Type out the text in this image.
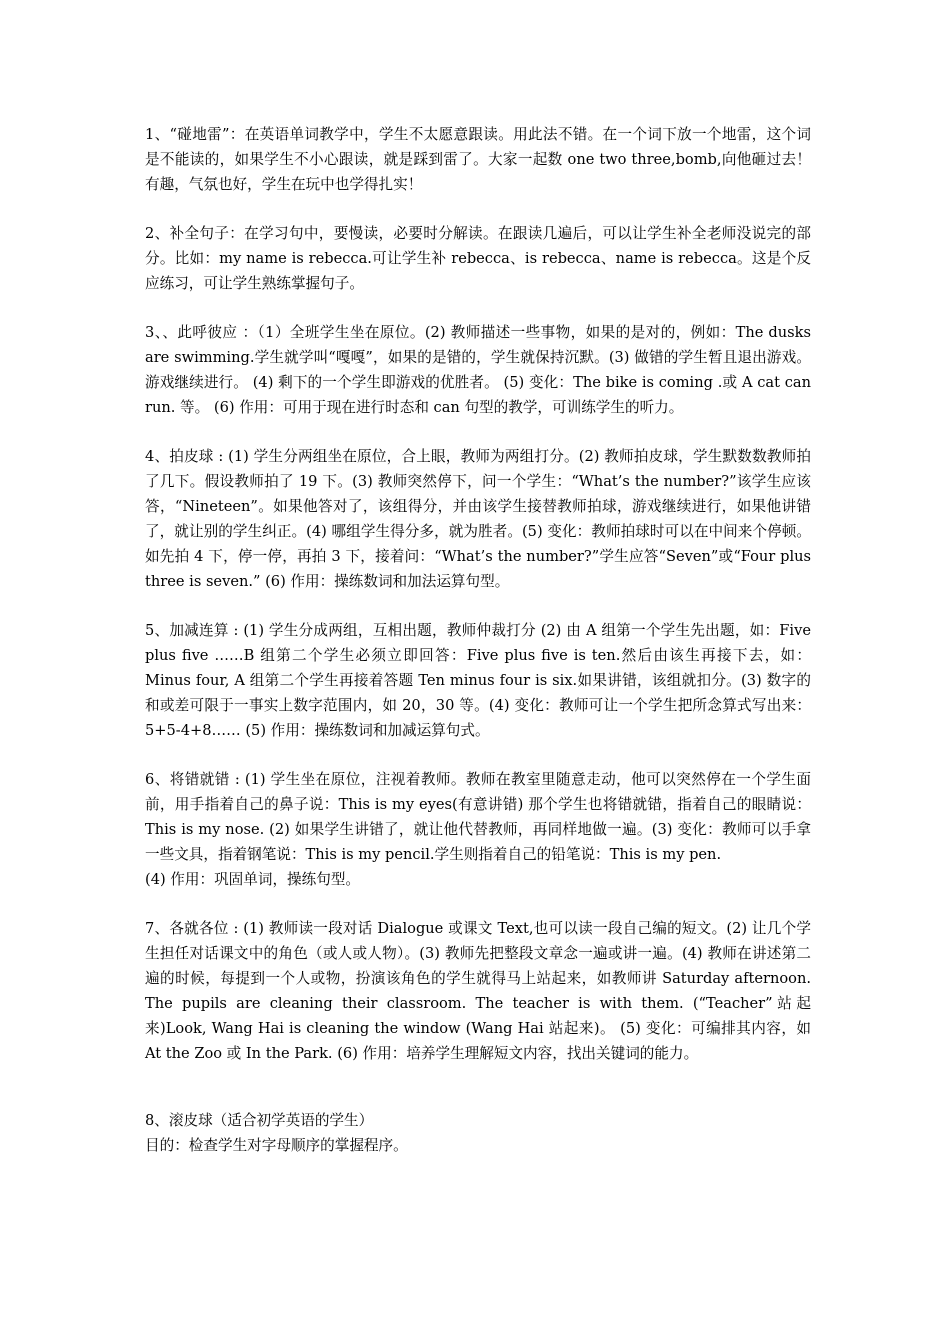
1、“碰地雷”：在英语单词教学中，学生不太愿意跟读。用此法不错。在一个词下放一个地雷，这个词是不能读的，如果学生不小心跟读，就是踩到雷了。大家一起数 one two three,bomb,向他砸过去！有趣，气氛也好，学生在玩中也学得扎实！

2、补全句子：在学习句中，要慢读，必要时分解读。在跟读几遍后，可以让学生补全老师没说完的部分。比如：my name is rebecca.可让学生补 rebecca、is rebecca、name is rebecca。这是个反应练习，可让学生熟练掌握句子。

3、、此呼彼应 ：（1）全班学生坐在原位。(2) 教师描述一些事物，如果的是对的，例如：The dusks are swimming.学生就学叫“嘎嘎”，如果的是错的，学生就保持沉默。(3) 做错的学生暂且退出游戏。游戏继续进行。 (4) 剩下的一个学生即游戏的优胜者。 (5) 变化：The bike is coming .或 A cat can run. 等。 (6) 作用：可用于现在进行时态和 can 句型的教学，可训练学生的听力。

4、拍皮球 : (1) 学生分两组坐在原位，合上眼，教师为两组打分。(2) 教师拍皮球，学生默数数教师拍了几下。假设教师拍了 19 下。(3) 教师突然停下，问一个学生：“What’s the number?”该学生应该答，“Nineteen”。如果他答对了，该组得分，并由该学生接替教师拍球，游戏继续进行，如果他讲错了，就让别的学生纠正。(4) 哪组学生得分多，就为胜者。(5) 变化：教师拍球时可以在中间来个停顿。如先拍 4 下，停一停，再拍 3 下，接着问：“What’s the number?”学生应答“Seven”或“Four plus three is seven.” (6) 作用：操练数词和加法运算句型。

5、加减连算 : (1) 学生分成两组，互相出题，教师仲裁打分 (2) 由 A 组第一个学生先出题，如：Five plus five ……B 组第二个学生必须立即回答：Five plus five is ten.然后由该生再接下去，如：Minus four, A 组第二个学生再接着答题 Ten minus four is six.如果讲错，该组就扣分。(3) 数字的和或差可限于一事实上数字范围内，如 20，30 等。(4) 变化：教师可让一个学生把所念算式写出来：5+5-4+8…… (5) 作用：操练数词和加减运算句式。

6、将错就错 : (1) 学生坐在原位，注视着教师。教师在教室里随意走动，他可以突然停在一个学生面前，用手指着自己的鼻子说：This is my eyes(有意讲错) 那个学生也将错就错，指着自己的眼睛说：This is my nose. (2) 如果学生讲错了，就让他代替教师，再同样地做一遍。(3) 变化：教师可以手拿一些文具，指着钢笔说：This is my pencil.学生则指着自己的铅笔说：This is my pen.

(4) 作用：巩固单词，操练句型。

7、各就各位 : (1) 教师读一段对话 Dialogue 或课文 Text,也可以读一段自己编的短文。(2) 让几个学生担任对话课文中的角色（或人或人物）。(3) 教师先把整段文章念一遍或讲一遍。(4) 教师在讲述第二遍的时候，每提到一个人或物，扮演该角色的学生就得马上站起来，如教师讲 Saturday afternoon. The pupils are cleaning their classroom. The teacher is with them. (“Teacher”站起来)Look, Wang Hai is cleaning the window (Wang Hai 站起来)。 (5) 变化：可编排其内容，如 At the Zoo 或 In the Park. (6) 作用：培养学生理解短文内容，找出关键词的能力。

8、滚皮球（适合初学英语的学生）

目的：检查学生对字母顺序的掌握程序。
